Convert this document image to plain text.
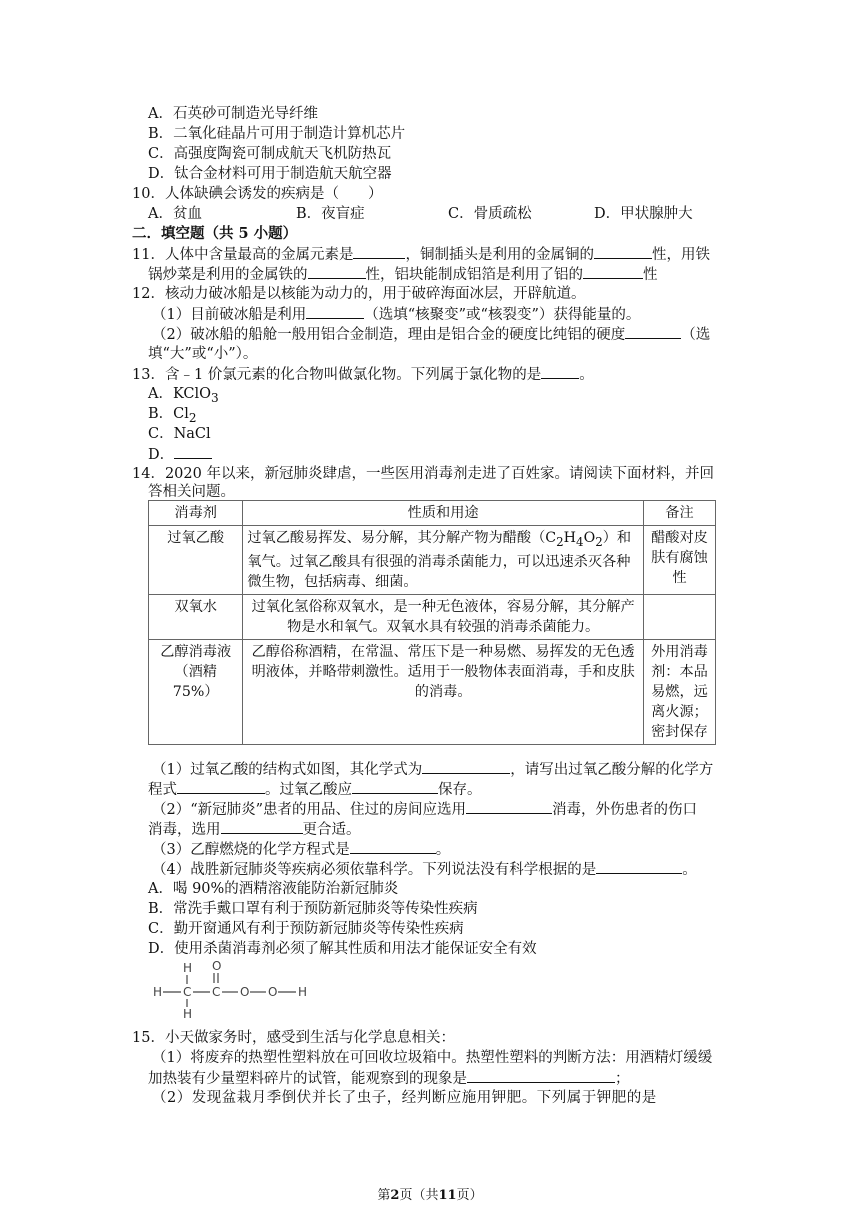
A．石英砂可制造光导纤维
B．二氧化硅晶片可用于制造计算机芯片
C．高强度陶瓷可制成航天飞机防热瓦
D．钛合金材料可用于制造航天航空器
10．人体缺碘会诱发的疾病是（　　）
A．贫血	B．夜盲症	C．骨质疏松	D．甲状腺肿大
二．填空题（共 5 小题）
11．人体中含量最高的金属元素是	，铜制插头是利用的金属铜的	性，用铁
锅炒菜是利用的金属铁的	性，铝块能制成铝箔是利用了铝的	性
12．核动力破冰船是以核能为动力的，用于破碎海面冰层，开辟航道。
（1）目前破冰船是利用	（选填“核聚变”或“核裂变”）获得能量的。
（2）破冰船的船舱一般用铝合金制造，理由是铝合金的硬度比纯铝的硬度	（选
填“大”或“小”）。
13．含﹣1 价氯元素的化合物叫做氯化物。下列属于氯化物的是	。
A．KClO$_3$
B．$Cl_2$
C．NaCl
D．
14．2020 年以来，新冠肺炎肆虐，一些医用消毒剂走进了百姓家。请阅读下面材料，并回
答相关问题。
消毒剂	性质和用途	备注
过氧乙酸	过氧乙酸易挥发、易分解，其分解产物为醋酸$(C_2H_4O_2)$和氧气。过氧乙酸具有很强的消毒杀菌能力，可以迅速杀灭各种微生物，包括病毒、细菌。	醋酸对皮肤有腐蚀性
双氧水	过氧化氢俗称双氧水，是一种无色液体，容易分解，其分解产物是水和氧气。双氧水具有较强的消毒杀菌能力。	
乙醇消毒液（酒精 75%）	乙醇俗称酒精，在常温、常压下是一种易燃、易挥发的无色透明液体，并略带刺激性。适用于一般物体表面消毒，手和皮肤的消毒。	外用消毒剂：本品易燃，远离火源；密封保存
（1）过氧乙酸的结构式如图，其化学式为	，请写出过氧乙酸分解的化学方
程式	。过氧乙酸应	保存。
（2）“新冠肺炎”患者的用品、住过的房间应选用	消毒，外伤患者的伤口
消毒，选用	更合适。
（3）乙醇燃烧的化学方程式是	。
（4）战胜新冠肺炎等疾病必须依靠科学。下列说法没有科学根据的是	。
A．喝 90%的酒精溶液能防治新冠肺炎
B．常洗手戴口罩有利于预防新冠肺炎等传染性疾病
C．勤开窗通风有利于预防新冠肺炎等传染性疾病
D．使用杀菌消毒剂必须了解其性质和用法才能保证安全有效
H
H C
H
O
C O O H
15．小天做家务时，感受到生活与化学息息相关：
（1）将废弃的热塑性塑料放在可回收垃圾箱中。热塑性塑料的判断方法：用酒精灯缓缓
加热装有少量塑料碎片的试管，能观察到的现象是	；
（2）发现盆栽月季倒伏并长了虫子，经判断应施用钾肥。下列属于钾肥的是
第2页（共11页）
